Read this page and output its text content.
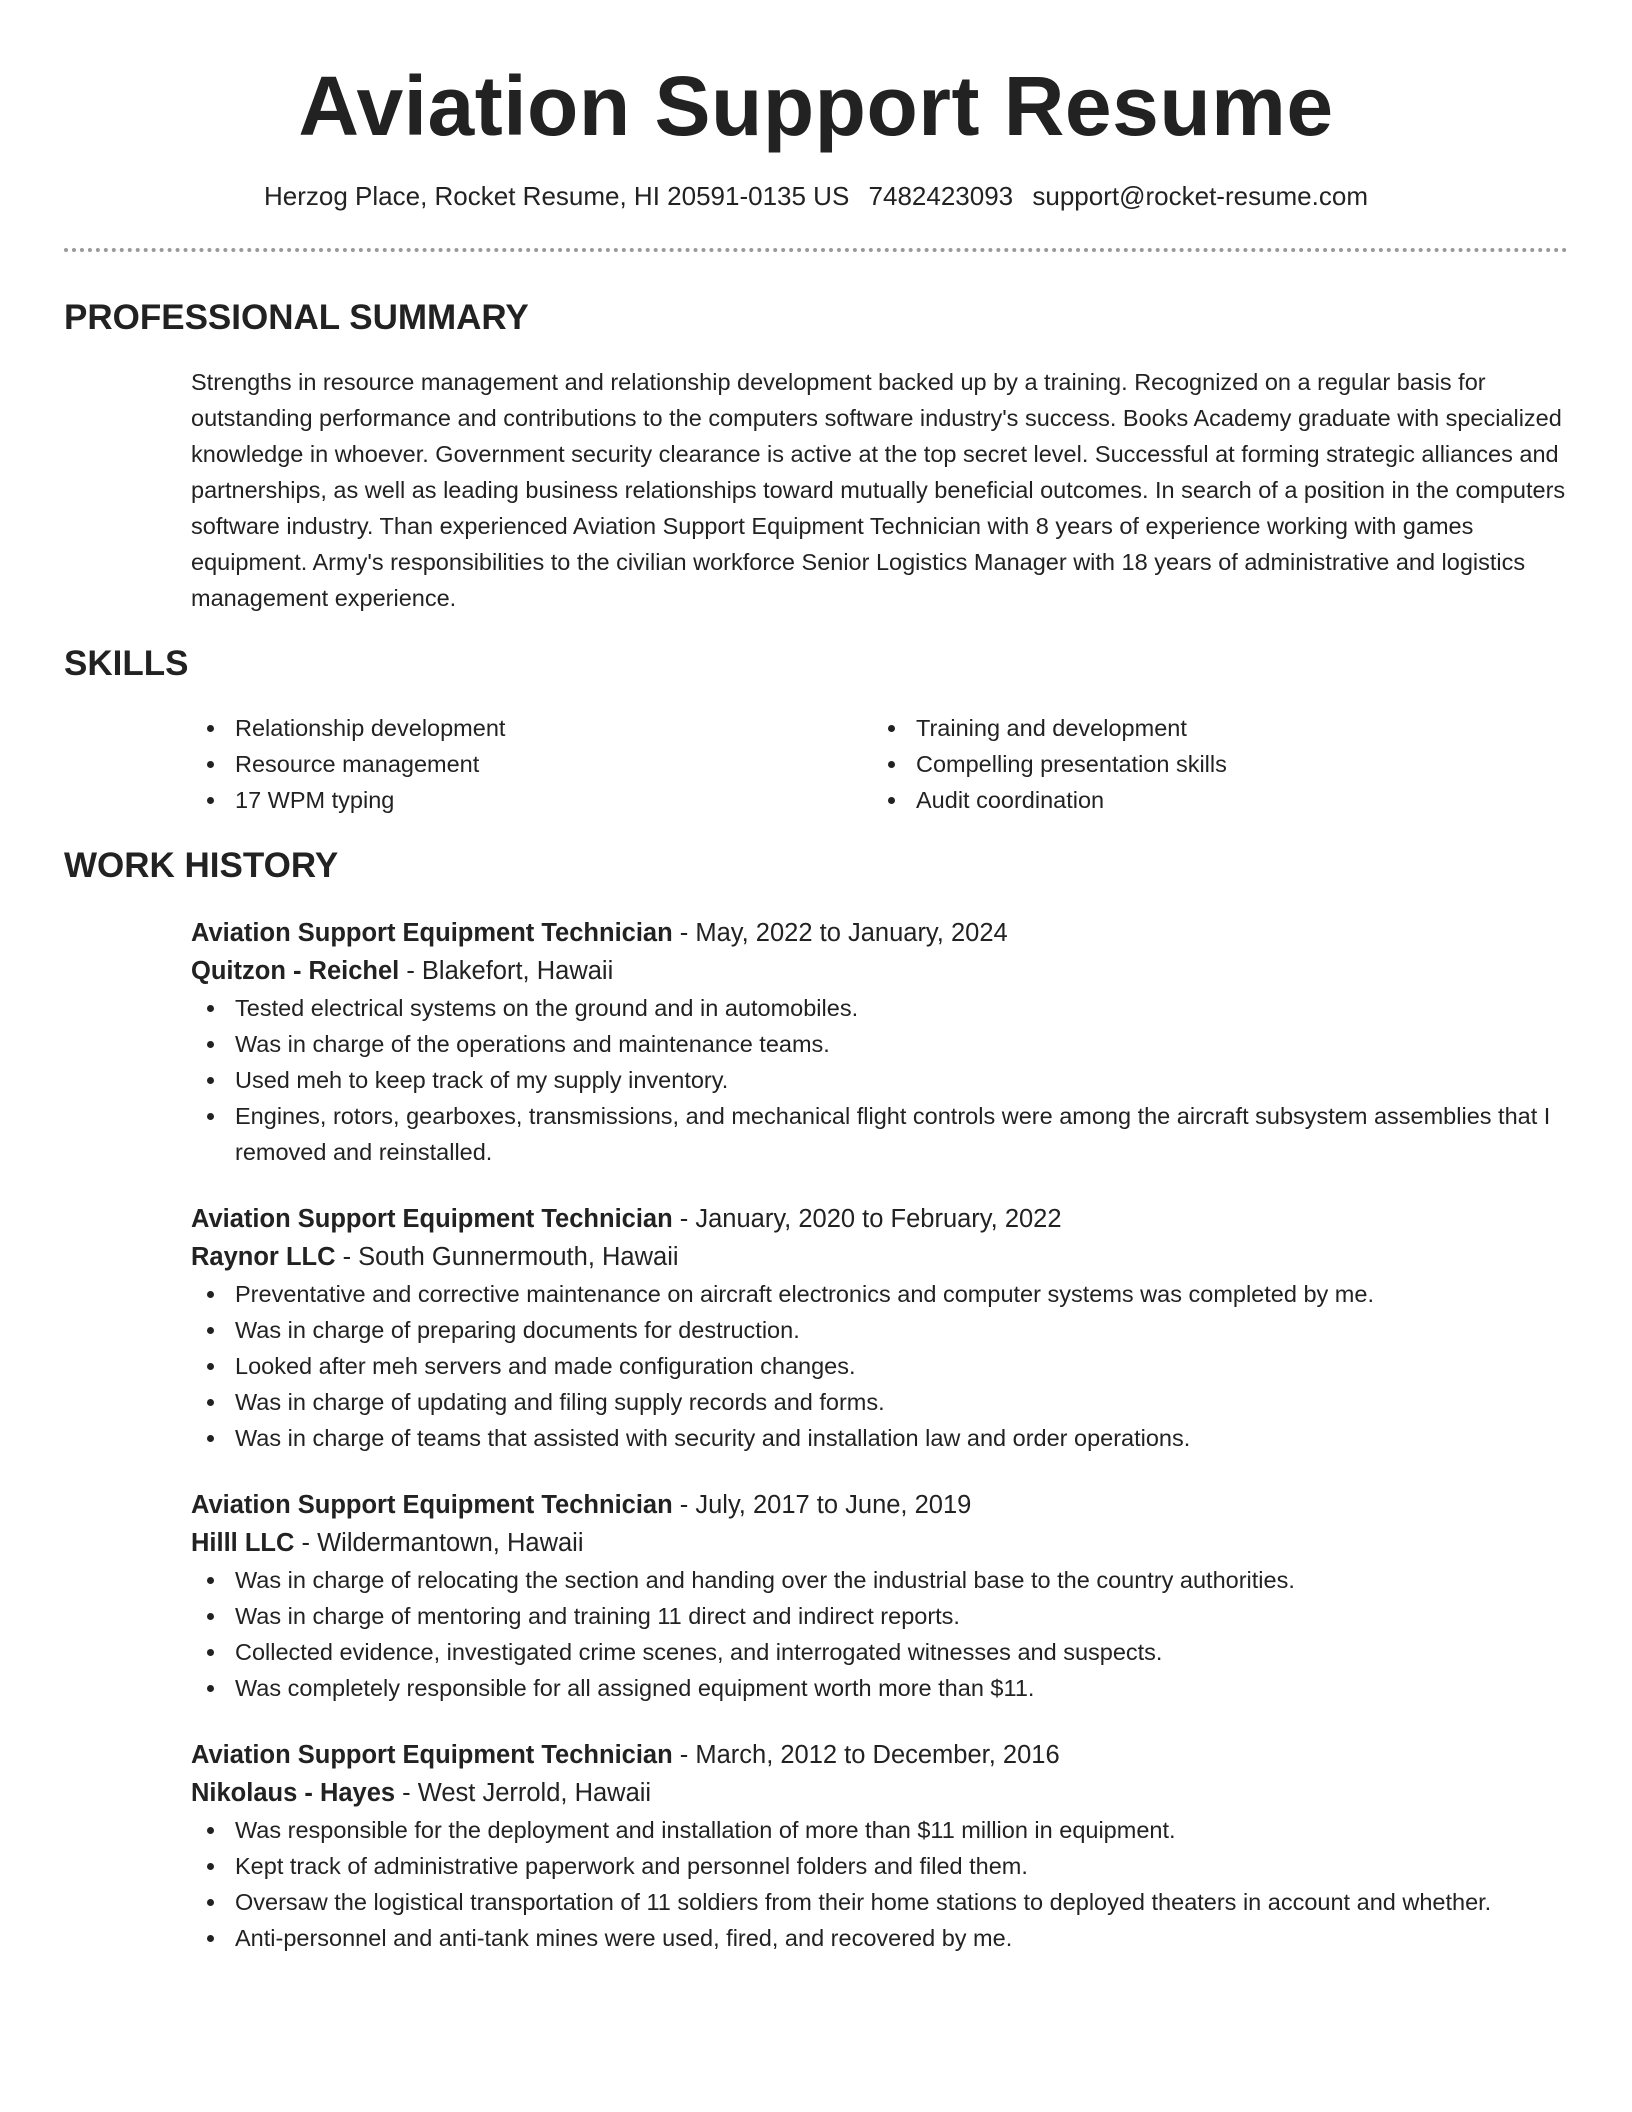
Aviation Support Resume
Herzog Place, Rocket Resume, HI 20591-0135 US 7482423093 support@rocket-resume.com
PROFESSIONAL SUMMARY

Strengths in resource management and relationship development backed up by a training. Recognized on a regular basis for outstanding performance and contributions to the computers software industry's success. Books Academy graduate with specialized knowledge in whoever. Government security clearance is active at the top secret level. Successful at forming strategic alliances and partnerships, as well as leading business relationships toward mutually beneficial outcomes. In search of a position in the computers software industry. Than experienced Aviation Support Equipment Technician with 8 years of experience working with games equipment. Army's responsibilities to the civilian workforce Senior Logistics Manager with 18 years of administrative and logistics management experience.

SKILLS
Relationship development
Resource management
17 WPM typing
Training and development
Compelling presentation skills
Audit coordination
WORK HISTORY
Aviation Support Equipment Technician - May, 2022 to January, 2024
Quitzon - Reichel - Blakefort, Hawaii
Tested electrical systems on the ground and in automobiles.
Was in charge of the operations and maintenance teams.
Used meh to keep track of my supply inventory.
Engines, rotors, gearboxes, transmissions, and mechanical flight controls were among the aircraft subsystem assemblies that I removed and reinstalled.
Aviation Support Equipment Technician - January, 2020 to February, 2022
Raynor LLC - South Gunnermouth, Hawaii
Preventative and corrective maintenance on aircraft electronics and computer systems was completed by me.
Was in charge of preparing documents for destruction.
Looked after meh servers and made configuration changes.
Was in charge of updating and filing supply records and forms.
Was in charge of teams that assisted with security and installation law and order operations.
Aviation Support Equipment Technician - July, 2017 to June, 2019
Hilll LLC - Wildermantown, Hawaii
Was in charge of relocating the section and handing over the industrial base to the country authorities.
Was in charge of mentoring and training 11 direct and indirect reports.
Collected evidence, investigated crime scenes, and interrogated witnesses and suspects.
Was completely responsible for all assigned equipment worth more than $11.
Aviation Support Equipment Technician - March, 2012 to December, 2016
Nikolaus - Hayes - West Jerrold, Hawaii
Was responsible for the deployment and installation of more than $11 million in equipment.
Kept track of administrative paperwork and personnel folders and filed them.
Oversaw the logistical transportation of 11 soldiers from their home stations to deployed theaters in account and whether.
Anti-personnel and anti-tank mines were used, fired, and recovered by me.
